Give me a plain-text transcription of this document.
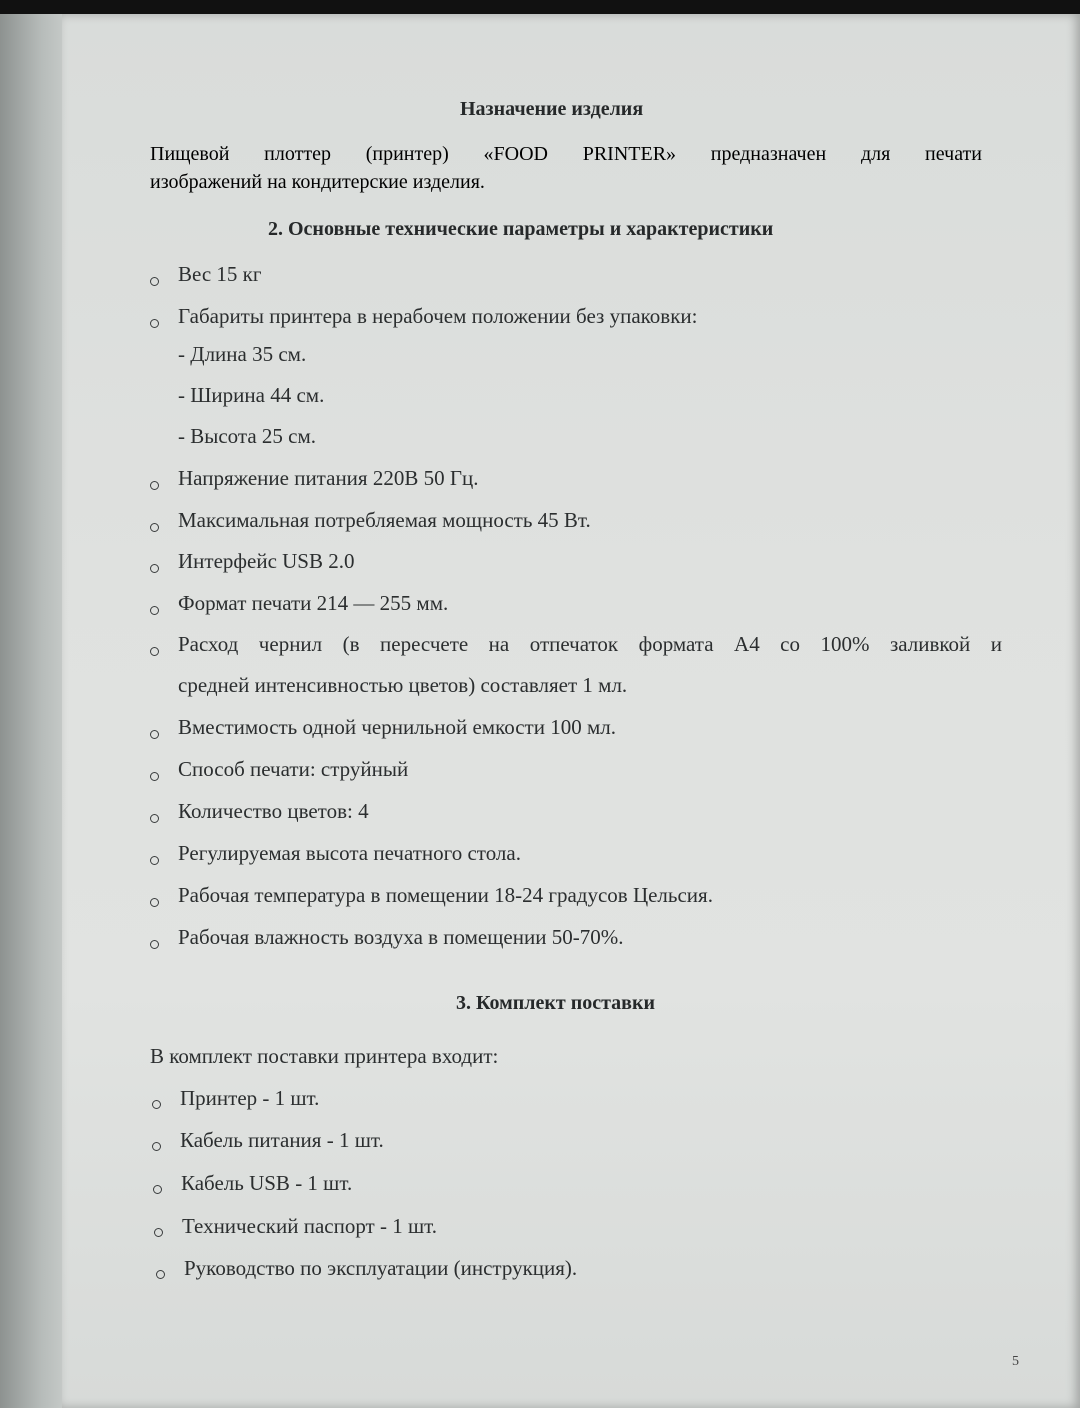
Назначение изделия
Пищевой плоттер (принтер) «FOOD PRINTER» предназначен для печати
изображений на кондитерские изделия.
2. Основные технические параметры и характеристики
Вес 15 кг
Габариты принтера в нерабочем положении без упаковки:
- Длина 35 см.
- Ширина 44 см.
- Высота 25 см.
Напряжение питания 220В 50 Гц.
Максимальная потребляемая мощность 45 Вт.
Интерфейс USB 2.0
Формат печати 214 — 255 мм.
Расход чернил (в пересчете на отпечаток формата А4 со 100% заливкой и
средней интенсивностью цветов) составляет 1 мл.
Вместимость одной чернильной емкости 100 мл.
Способ печати: струйный
Количество цветов: 4
Регулируемая высота печатного стола.
Рабочая температура в помещении 18-24 градусов Цельсия.
Рабочая влажность воздуха в помещении 50-70%.
3. Комплект поставки
В комплект поставки принтера входит:
Принтер - 1 шт.
Кабель питания - 1 шт.
Кабель USB - 1 шт.
Технический паспорт - 1 шт.
Руководство по эксплуатации (инструкция).
5
